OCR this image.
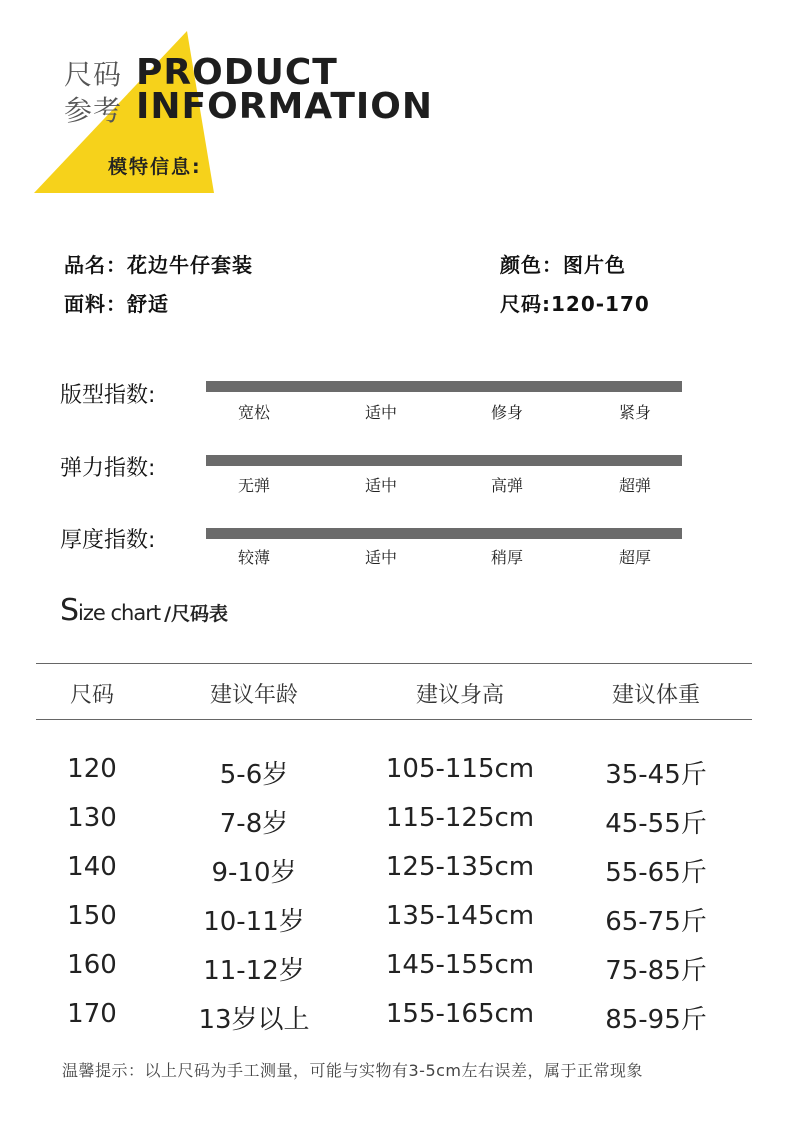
尺码
参考
PRODUCT
INFORMATION
模特信息:
品名：花边牛仔套装	颜色：图片色
面料：舒适	尺码:120-170
版型指数:
宽松	适中	修身	紧身
弹力指数:
无弹	适中	高弹	超弹
厚度指数:
较薄	适中	稍厚	超厚
Size chart /尺码表
尺码	建议年龄	建议身高	建议体重
120	5-6岁	105-115cm	35-45斤
130	7-8岁	115-125cm	45-55斤
140	9-10岁	125-135cm	55-65斤
150	10-11岁	135-145cm	65-75斤
160	11-12岁	145-155cm	75-85斤
170	13岁以上	155-165cm	85-95斤
温馨提示：以上尺码为手工测量，可能与实物有3-5cm左右误差，属于正常现象
